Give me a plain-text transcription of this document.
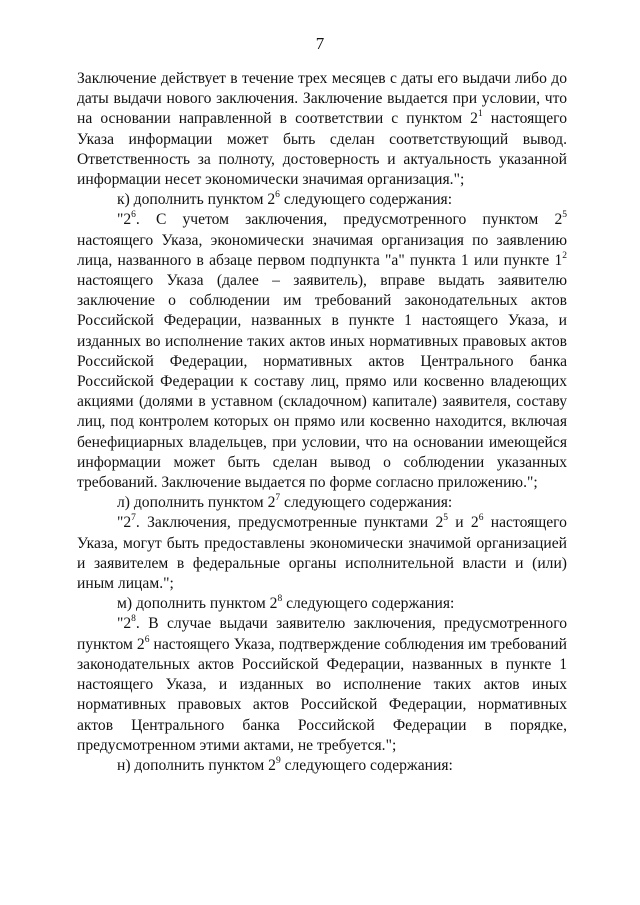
7

Заключение действует в течение трех месяцев с даты его выдачи либо до даты выдачи нового заключения. Заключение выдается при условии, что на основании направленной в соответствии с пунктом $2^1$ настоящего Указа информации может быть сделан соответствующий вывод. Ответственность за полноту, достоверность и актуальность указанной информации несет экономически значимая организация.";

к) дополнить пунктом $2^6$ следующего содержания:

"$2^6$. С учетом заключения, предусмотренного пунктом $2^5$ настоящего Указа, экономически значимая организация по заявлению лица, названного в абзаце первом подпункта "а" пункта 1 или пункте $1^2$ настоящего Указа (далее – заявитель), вправе выдать заявителю заключение о соблюдении им требований законодательных актов Российской Федерации, названных в пункте 1 настоящего Указа, и изданных во исполнение таких актов иных нормативных правовых актов Российской Федерации, нормативных актов Центрального банка Российской Федерации к составу лиц, прямо или косвенно владеющих акциями (долями в уставном (складочном) капитале) заявителя, составу лиц, под контролем которых он прямо или косвенно находится, включая бенефициарных владельцев, при условии, что на основании имеющейся информации может быть сделан вывод о соблюдении указанных требований. Заключение выдается по форме согласно приложению.";

л) дополнить пунктом $2^7$ следующего содержания:

"$2^7$. Заключения, предусмотренные пунктами $2^5$ и $2^6$ настоящего Указа, могут быть предоставлены экономически значимой организацией и заявителем в федеральные органы исполнительной власти и (или) иным лицам.";

м) дополнить пунктом $2^8$ следующего содержания:

"$2^8$. В случае выдачи заявителю заключения, предусмотренного пунктом $2^6$ настоящего Указа, подтверждение соблюдения им требований законодательных актов Российской Федерации, названных в пункте 1 настоящего Указа, и изданных во исполнение таких актов иных нормативных правовых актов Российской Федерации, нормативных актов Центрального банка Российской Федерации в порядке, предусмотренном этими актами, не требуется.";

н) дополнить пунктом $2^9$ следующего содержания:
